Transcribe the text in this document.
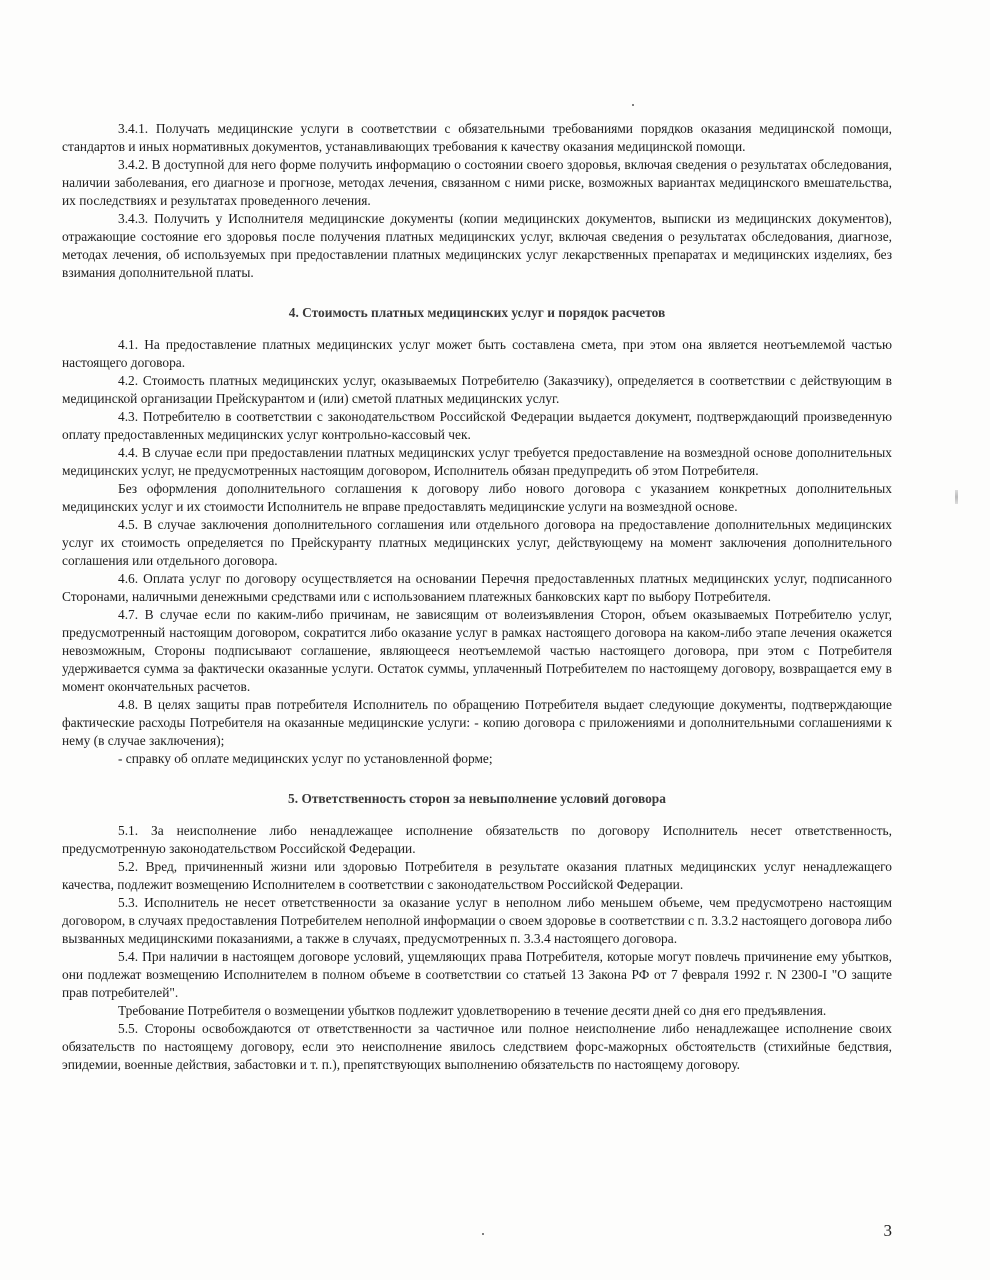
3.4.1. Получать медицинские услуги в соответствии с обязательными требованиями порядков оказания медицинской помощи, стандартов и иных нормативных документов, устанавливающих требования к качеству оказания медицинской помощи.

3.4.2. В доступной для него форме получить информацию о состоянии своего здоровья, включая сведения о результатах обследования, наличии заболевания, его диагнозе и прогнозе, методах лечения, связанном с ними риске, возможных вариантах медицинского вмешательства, их последствиях и результатах проведенного лечения.

3.4.3. Получить у Исполнителя медицинские документы (копии медицинских документов, выписки из медицинских документов), отражающие состояние его здоровья после получения платных медицинских услуг, включая сведения о результатах обследования, диагнозе, методах лечения, об используемых при предоставлении платных медицинских услуг лекарственных препаратах и медицинских изделиях, без взимания дополнительной платы.

4. Стоимость платных медицинских услуг и порядок расчетов

4.1. На предоставление платных медицинских услуг может быть составлена смета, при этом она является неотъемлемой частью настоящего договора.

4.2. Стоимость платных медицинских услуг, оказываемых Потребителю (Заказчику), определяется в соответствии с действующим в медицинской организации Прейскурантом и (или) сметой платных медицинских услуг.

4.3. Потребителю в соответствии с законодательством Российской Федерации выдается документ, подтверждающий произведенную оплату предоставленных медицинских услуг контрольно-кассовый чек.

4.4. В случае если при предоставлении платных медицинских услуг требуется предоставление на возмездной основе дополнительных медицинских услуг, не предусмотренных настоящим договором, Исполнитель обязан предупредить об этом Потребителя.

Без оформления дополнительного соглашения к договору либо нового договора с указанием конкретных дополнительных медицинских услуг и их стоимости Исполнитель не вправе предоставлять медицинские услуги на возмездной основе.

4.5. В случае заключения дополнительного соглашения или отдельного договора на предоставление дополнительных медицинских услуг их стоимость определяется по Прейскуранту платных медицинских услуг, действующему на момент заключения дополнительного соглашения или отдельного договора.

4.6. Оплата услуг по договору осуществляется на основании Перечня предоставленных платных медицинских услуг, подписанного Сторонами, наличными денежными средствами или с использованием платежных банковских карт по выбору Потребителя.

4.7. В случае если по каким-либо причинам, не зависящим от волеизъявления Сторон, объем оказываемых Потребителю услуг, предусмотренный настоящим договором, сократится либо оказание услуг в рамках настоящего договора на каком-либо этапе лечения окажется невозможным, Стороны подписывают соглашение, являющееся неотъемлемой частью настоящего договора, при этом с Потребителя удерживается сумма за фактически оказанные услуги. Остаток суммы, уплаченный Потребителем по настоящему договору, возвращается ему в момент окончательных расчетов.

4.8. В целях защиты прав потребителя Исполнитель по обращению Потребителя выдает следующие документы, подтверждающие фактические расходы Потребителя на оказанные медицинские услуги: - копию договора с приложениями и дополнительными соглашениями к нему (в случае заключения);

- справку об оплате медицинских услуг по установленной форме;

5. Ответственность сторон за невыполнение условий договора

5.1. За неисполнение либо ненадлежащее исполнение обязательств по договору Исполнитель несет ответственность, предусмотренную законодательством Российской Федерации.

5.2. Вред, причиненный жизни или здоровью Потребителя в результате оказания платных медицинских услуг ненадлежащего качества, подлежит возмещению Исполнителем в соответствии с законодательством Российской Федерации.

5.3. Исполнитель не несет ответственности за оказание услуг в неполном либо меньшем объеме, чем предусмотрено настоящим договором, в случаях предоставления Потребителем неполной информации о своем здоровье в соответствии с п. 3.3.2 настоящего договора либо вызванных медицинскими показаниями, а также в случаях, предусмотренных п. 3.3.4 настоящего договора.

5.4. При наличии в настоящем договоре условий, ущемляющих права Потребителя, которые могут повлечь причинение ему убытков, они подлежат возмещению Исполнителем в полном объеме в соответствии со статьей 13 Закона РФ от 7 февраля 1992 г. N 2300-I "О защите прав потребителей".

Требование Потребителя о возмещении убытков подлежит удовлетворению в течение десяти дней со дня его предъявления.

5.5. Стороны освобождаются от ответственности за частичное или полное неисполнение либо ненадлежащее исполнение своих обязательств по настоящему договору, если это неисполнение явилось следствием форс-мажорных обстоятельств (стихийные бедствия, эпидемии, военные действия, забастовки и т. п.), препятствующих выполнению обязательств по настоящему договору.

3
